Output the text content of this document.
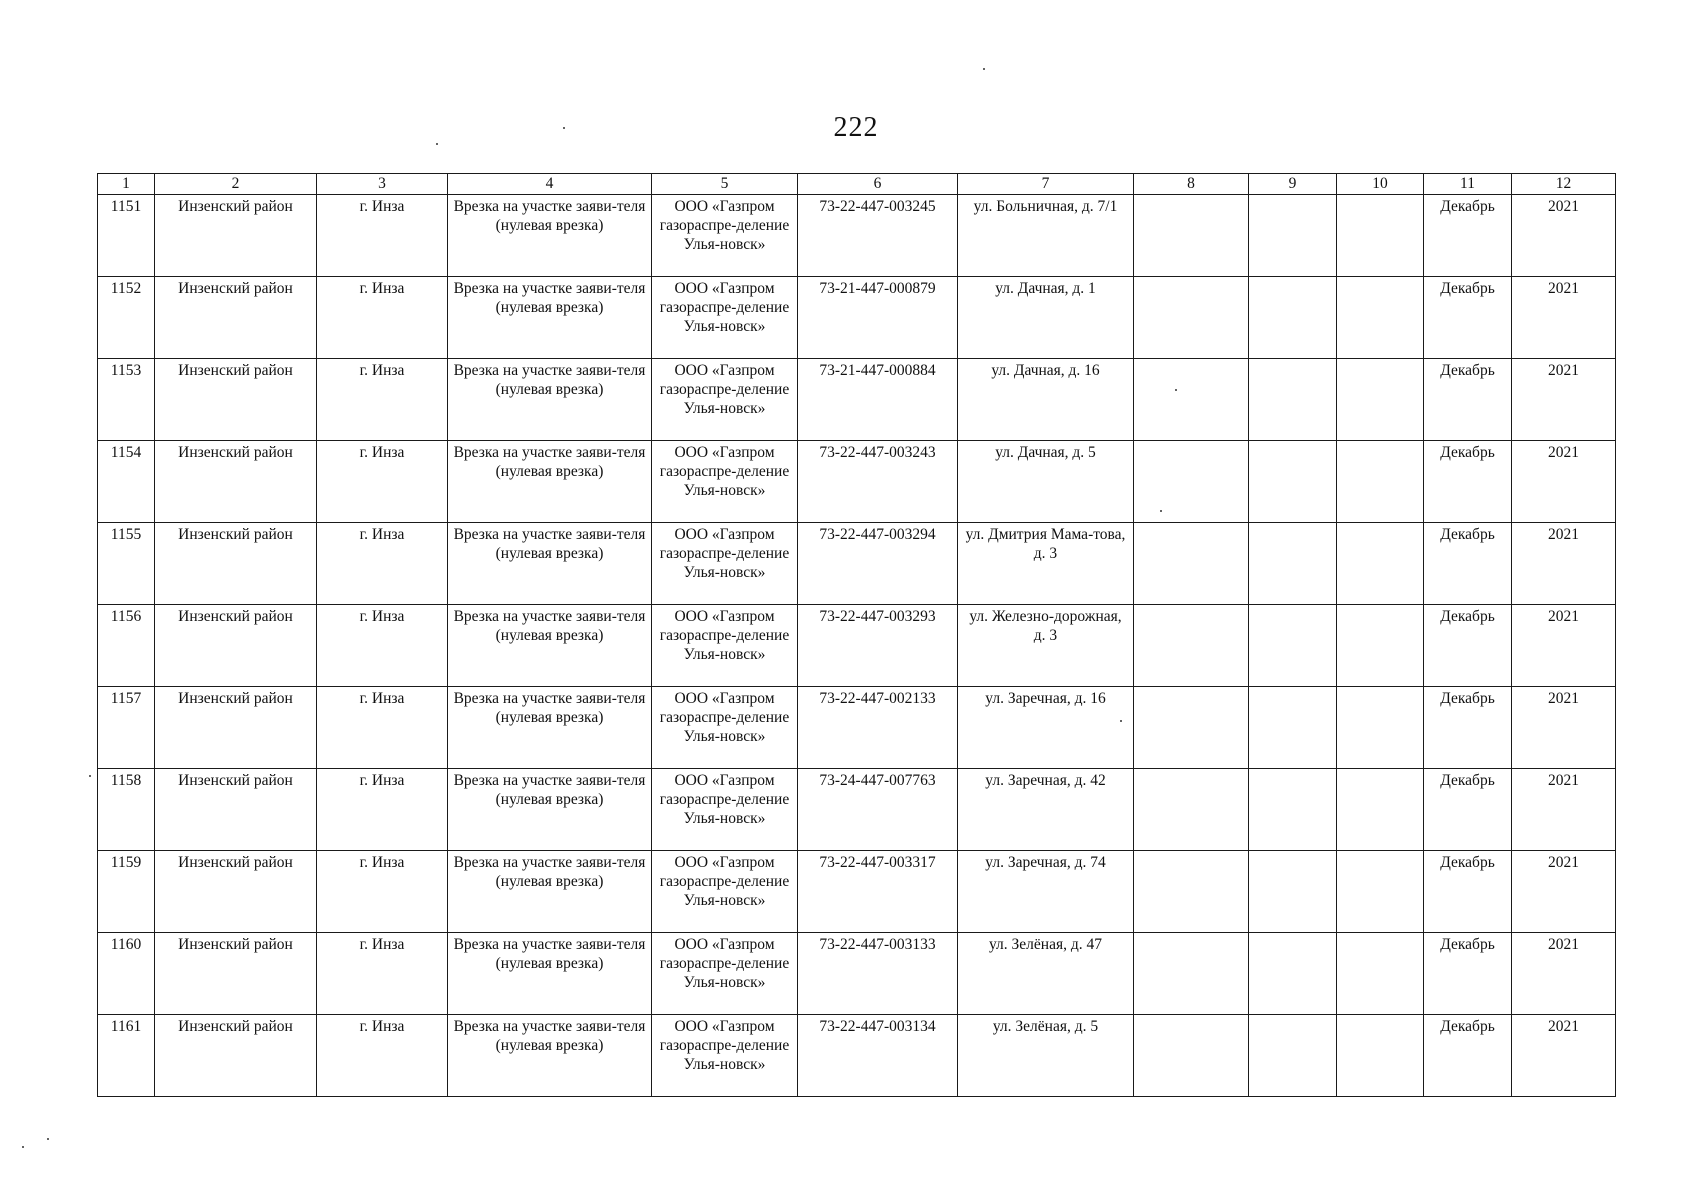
222
1	2	3	4	5	6	7	8	9	10	11	12
1151	Инзенский район	г. Инза	Врезка на участке заяви-теля (нулевая врезка)	ООО «Газпром газораспре-деление Улья-новск»	73-22-447-003245	ул. Больничная, д. 7/1				Декабрь	2021
1152	Инзенский район	г. Инза	Врезка на участке заяви-теля (нулевая врезка)	ООО «Газпром газораспре-деление Улья-новск»	73-21-447-000879	ул. Дачная, д. 1				Декабрь	2021
1153	Инзенский район	г. Инза	Врезка на участке заяви-теля (нулевая врезка)	ООО «Газпром газораспре-деление Улья-новск»	73-21-447-000884	ул. Дачная, д. 16				Декабрь	2021
1154	Инзенский район	г. Инза	Врезка на участке заяви-теля (нулевая врезка)	ООО «Газпром газораспре-деление Улья-новск»	73-22-447-003243	ул. Дачная, д. 5				Декабрь	2021
1155	Инзенский район	г. Инза	Врезка на участке заяви-теля (нулевая врезка)	ООО «Газпром газораспре-деление Улья-новск»	73-22-447-003294	ул. Дмитрия Мама-това, д. 3				Декабрь	2021
1156	Инзенский район	г. Инза	Врезка на участке заяви-теля (нулевая врезка)	ООО «Газпром газораспре-деление Улья-новск»	73-22-447-003293	ул. Железно-дорожная, д. 3				Декабрь	2021
1157	Инзенский район	г. Инза	Врезка на участке заяви-теля (нулевая врезка)	ООО «Газпром газораспре-деление Улья-новск»	73-22-447-002133	ул. Заречная, д. 16				Декабрь	2021
1158	Инзенский район	г. Инза	Врезка на участке заяви-теля (нулевая врезка)	ООО «Газпром газораспре-деление Улья-новск»	73-24-447-007763	ул. Заречная, д. 42				Декабрь	2021
1159	Инзенский район	г. Инза	Врезка на участке заяви-теля (нулевая врезка)	ООО «Газпром газораспре-деление Улья-новск»	73-22-447-003317	ул. Заречная, д. 74				Декабрь	2021
1160	Инзенский район	г. Инза	Врезка на участке заяви-теля (нулевая врезка)	ООО «Газпром газораспре-деление Улья-новск»	73-22-447-003133	ул. Зелёная, д. 47				Декабрь	2021
1161	Инзенский район	г. Инза	Врезка на участке заяви-теля (нулевая врезка)	ООО «Газпром газораспре-деление Улья-новск»	73-22-447-003134	ул. Зелёная, д. 5				Декабрь	2021
